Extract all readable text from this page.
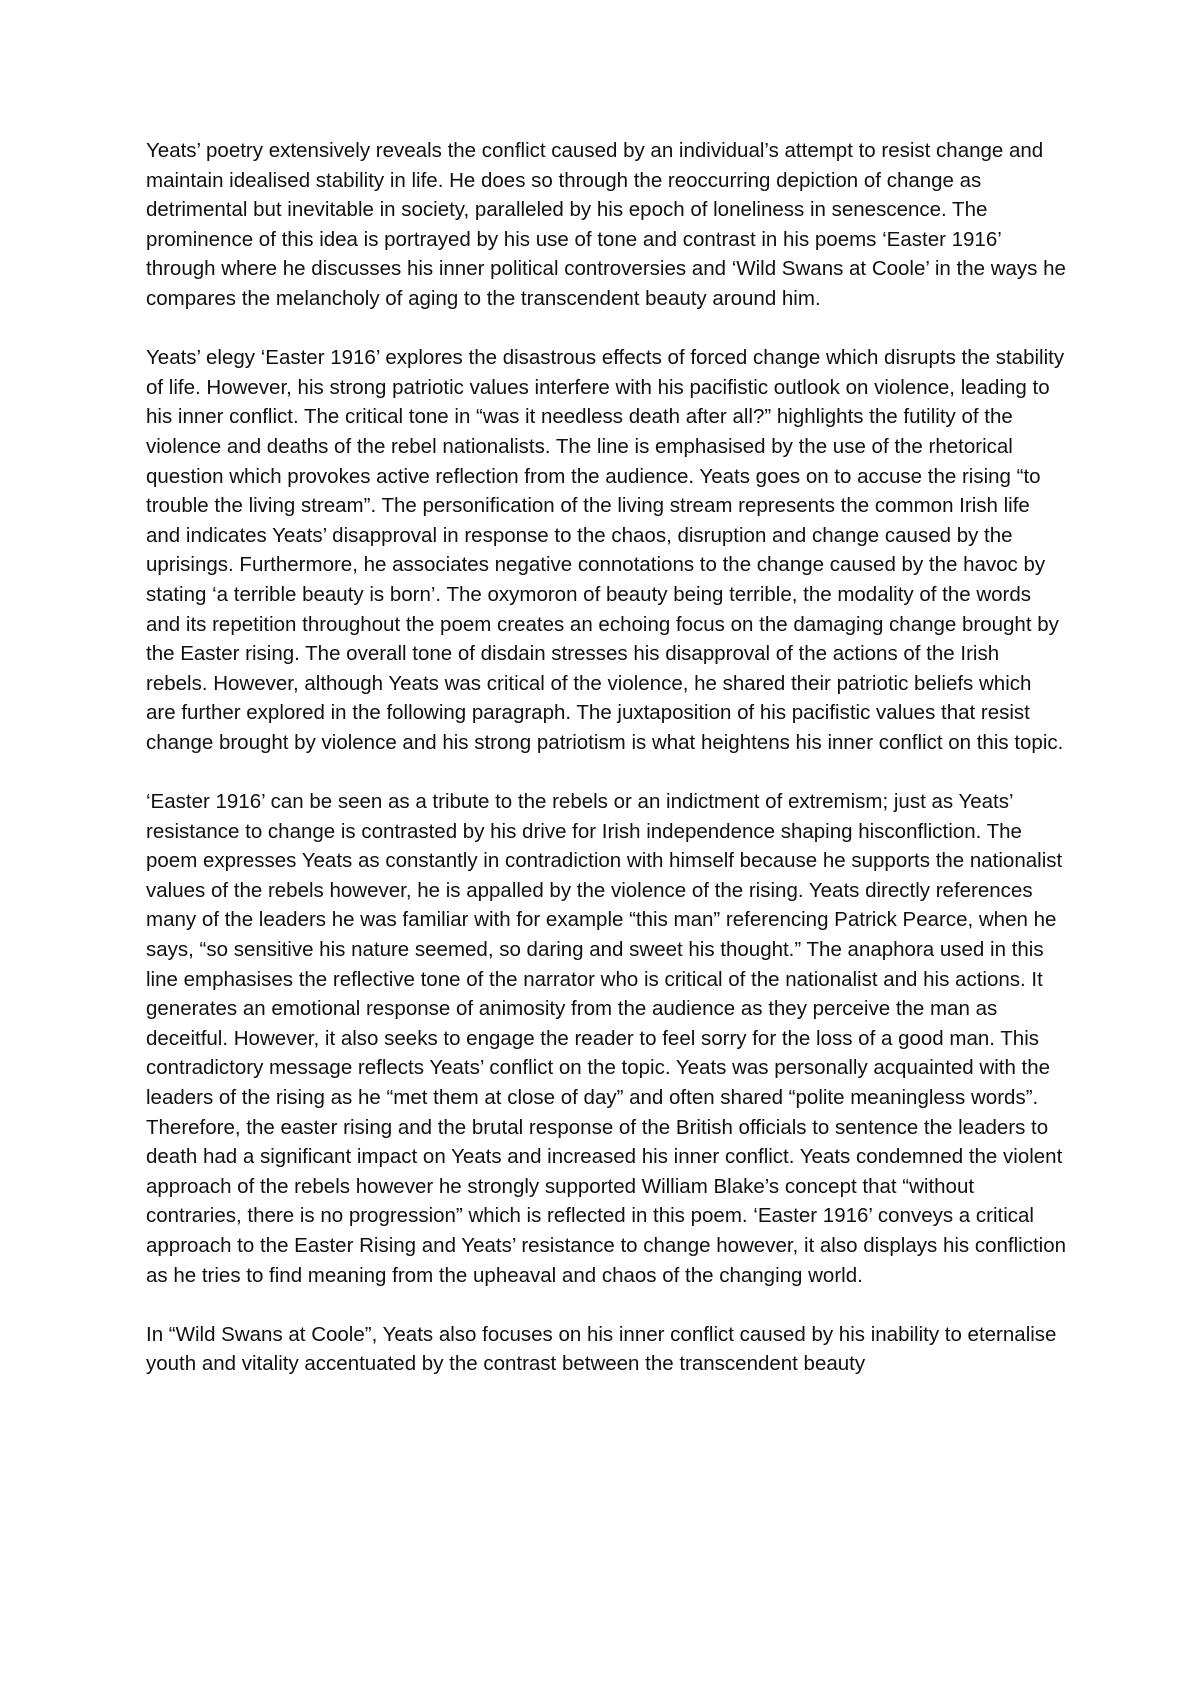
Yeats’ poetry extensively reveals the conflict caused by an individual’s attempt to resist change and maintain idealised stability in life. He does so through the reoccurring depiction of change as detrimental but inevitable in society, paralleled by his epoch of loneliness in senescence. The prominence of this idea is portrayed by his use of tone and contrast in his poems ‘Easter 1916’ through where he discusses his inner political controversies and ‘Wild Swans at Coole’ in the ways he compares the melancholy of aging to the transcendent beauty around him.

Yeats’ elegy ‘Easter 1916’ explores the disastrous effects of forced change which disrupts the stability of life. However, his strong patriotic values interfere with his pacifistic outlook on violence, leading to his inner conflict. The critical tone in “was it needless death after all?” highlights the futility of the violence and deaths of the rebel nationalists. The line is emphasised by the use of the rhetorical question which provokes active reflection from the audience. Yeats goes on to accuse the rising “to trouble the living stream”. The personification of the living stream represents the common Irish life and indicates Yeats’ disapproval in response to the chaos, disruption and change caused by the uprisings. Furthermore, he associates negative connotations to the change caused by the havoc by stating ‘a terrible beauty is born’. The oxymoron of beauty being terrible, the modality of the words and its repetition throughout the poem creates an echoing focus on the damaging change brought by the Easter rising. The overall tone of disdain stresses his disapproval of the actions of the Irish rebels. However, although Yeats was critical of the violence, he shared their patriotic beliefs which are further explored in the following paragraph. The juxtaposition of his pacifistic values that resist change brought by violence and his strong patriotism is what heightens his inner conflict on this topic.

‘Easter 1916’ can be seen as a tribute to the rebels or an indictment of extremism; just as Yeats’ resistance to change is contrasted by his drive for Irish independence shaping hisconfliction. The poem expresses Yeats as constantly in contradiction with himself because he supports the nationalist values of the rebels however, he is appalled by the violence of the rising. Yeats directly references many of the leaders he was familiar with for example “this man” referencing Patrick Pearce, when he says, “so sensitive his nature seemed, so daring and sweet his thought.” The anaphora used in this line emphasises the reflective tone of the narrator who is critical of the nationalist and his actions. It generates an emotional response of animosity from the audience as they perceive the man as deceitful. However, it also seeks to engage the reader to feel sorry for the loss of a good man. This contradictory message reflects Yeats’ conflict on the topic. Yeats was personally acquainted with the leaders of the rising as he “met them at close of day” and often shared “polite meaningless words”. Therefore, the easter rising and the brutal response of the British officials to sentence the leaders to death had a significant impact on Yeats and increased his inner conflict. Yeats condemned the violent approach of the rebels however he strongly supported William Blake’s concept that “without contraries, there is no progression” which is reflected in this poem. ‘Easter 1916’ conveys a critical approach to the Easter Rising and Yeats’ resistance to change however, it also displays his confliction as he tries to find meaning from the upheaval and chaos of the changing world.

In “Wild Swans at Coole”, Yeats also focuses on his inner conflict caused by his inability to eternalise youth and vitality accentuated by the contrast between the transcendent beauty
